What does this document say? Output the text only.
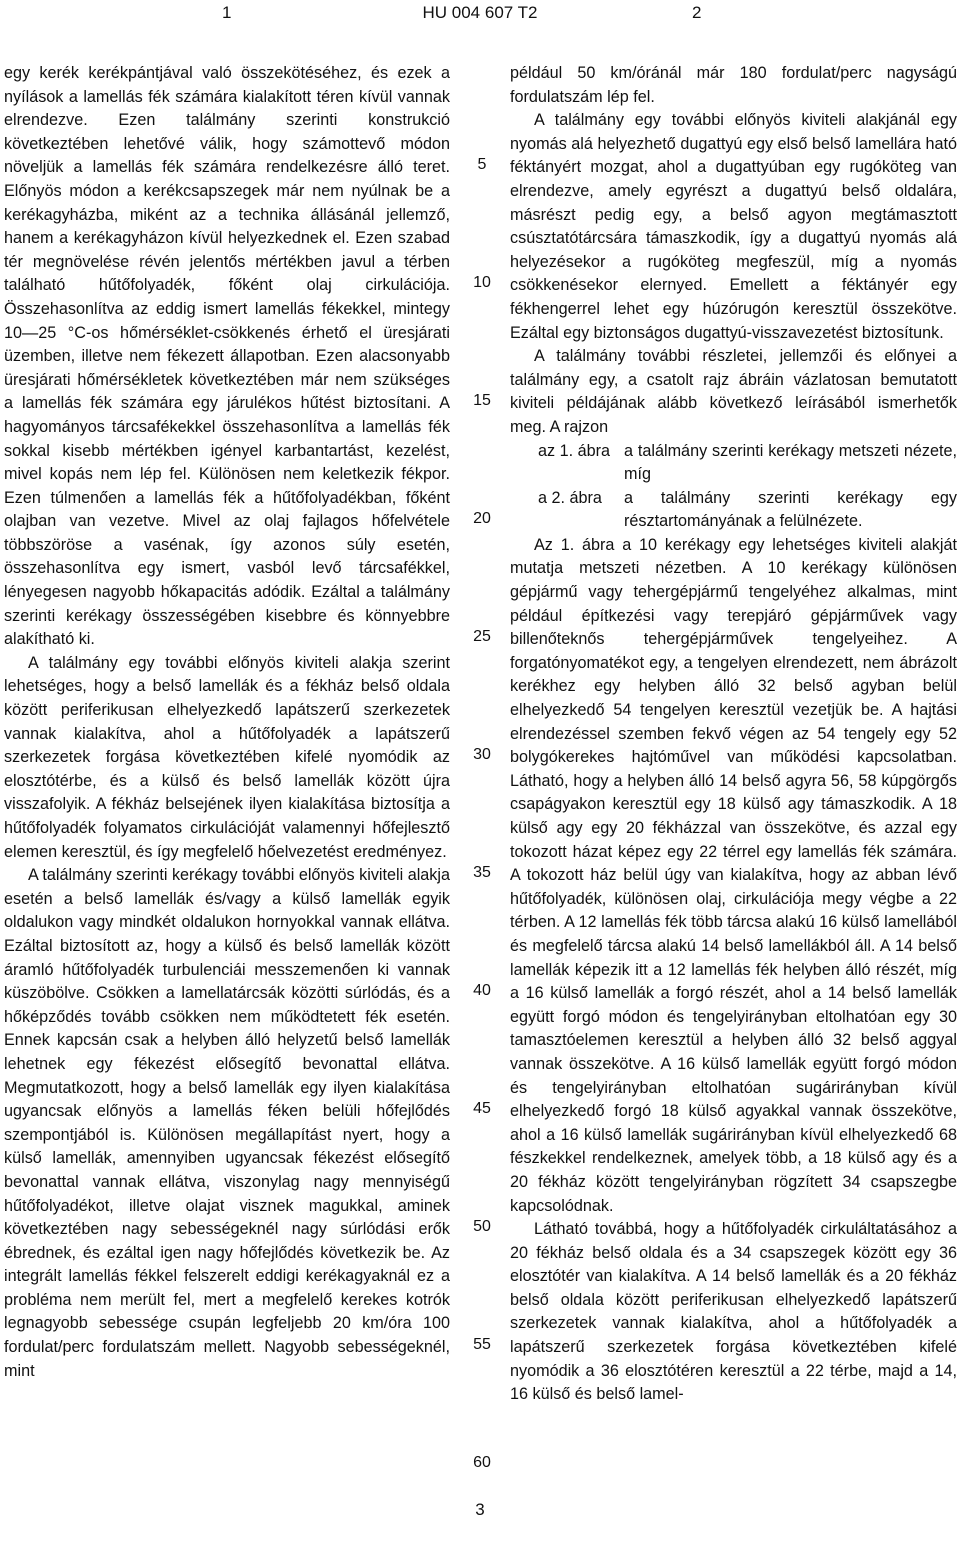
1	HU 004 607 T2	2

egy kerék kerékpántjával való összekötéséhez, és ezek a nyílások a lamellás fék számára kialakított téren kívül vannak elrendezve. Ezen találmány szerinti konstrukció következtében lehetővé válik, hogy számottevő módon növeljük a lamellás fék számára rendelkezésre álló teret. Előnyös módon a kerékcsapszegek már nem nyúlnak be a kerékagyházba, miként az a technika állásánál jellemző, hanem a kerékagyházon kívül helyezkednek el. Ezen szabad tér megnövelése révén jelentős mértékben javul a térben található hűtőfolyadék, főként olaj cirkulációja. Összehasonlítva az eddig ismert lamellás fékekkel, mintegy 10—25 °C-os hőmérséklet-csökkenés érhető el üresjárati üzemben, illetve nem fékezett állapotban. Ezen alacsonyabb üresjárati hőmérsékletek következtében már nem szükséges a lamellás fék számára egy járulékos hűtést biztosítani. A hagyományos tárcsafékekkel összehasonlítva a lamellás fék sokkal kisebb mértékben igényel karbantartást, kezelést, mivel kopás nem lép fel. Különösen nem keletkezik fékpor. Ezen túlmenően a lamellás fék a hűtőfolyadékban, főként olajban van vezetve. Mivel az olaj fajlagos hőfelvétele többszöröse a vasénak, így azonos súly esetén, összehasonlítva egy ismert, vasból levő tárcsafékkel, lényegesen nagyobb hőkapacitás adódik. Ezáltal a találmány szerinti kerékagy összességében kisebbre és könnyebbre alakítható ki.

A találmány egy további előnyös kiviteli alakja szerint lehetséges, hogy a belső lamellák és a fékház belső oldala között periferikusan elhelyezkedő lapátszerű szerkezetek vannak kialakítva, ahol a hűtőfolyadék a lapátszerű szerkezetek forgása következtében kifelé nyomódik az elosztótérbe, és a külső és belső lamellák között újra visszafolyik. A fékház belsejének ilyen kialakítása biztosítja a hűtőfolyadék folyamatos cirkulációját valamennyi hőfejlesztő elemen keresztül, és így megfelelő hőelvezetést eredményez.

A találmány szerinti kerékagy további előnyös kiviteli alakja esetén a belső lamellák és/vagy a külső lamellák egyik oldalukon vagy mindkét oldalukon hornyokkal vannak ellátva. Ezáltal biztosított az, hogy a külső és belső lamellák között áramló hűtőfolyadék turbulenciái messzemenően ki vannak küszöbölve. Csökken a lamellatárcsák közötti súrlódás, és a hőképződés tovább csökken nem működtetett fék esetén. Ennek kapcsán csak a helyben álló helyzetű belső lamellák lehetnek egy fékezést elősegítő bevonattal ellátva. Megmutatkozott, hogy a belső lamellák egy ilyen kialakítása ugyancsak előnyös a lamellás féken belüli hőfejlődés szempontjából is. Különösen megállapítást nyert, hogy a külső lamellák, amennyiben ugyancsak fékezést elősegítő bevonattal vannak ellátva, viszonylag nagy mennyiségű hűtőfolyadékot, illetve olajat visznek magukkal, aminek következtében nagy sebességeknél nagy súrlódási erők ébrednek, és ezáltal igen nagy hőfejlődés következik be. Az integrált lamellás fékkel felszerelt eddigi kerékagyaknál ez a probléma nem merült fel, mert a megfelelő kerekes kotrók legnagyobb sebessége csupán legfeljebb 20 km/óra 100 fordulat/perc fordulatszám mellett. Nagyobb sebességeknél, mint

5
10
15
20
25
30
35
40
45
50
55
60

például 50 km/óránál már 180 fordulat/perc nagyságú fordulatszám lép fel.

A találmány egy további előnyös kiviteli alakjánál egy nyomás alá helyezhető dugattyú egy első belső lamellára ható féktányért mozgat, ahol a dugattyúban egy rugóköteg van elrendezve, amely egyrészt a dugattyú belső oldalára, másrészt pedig egy, a belső agyon megtámasztott csúsztatótárcsára támaszkodik, így a dugattyú nyomás alá helyezésekor a rugóköteg megfeszül, míg a nyomás csökkenésekor elernyed. Emellett a féktányér egy fékhengerrel lehet egy húzórugón keresztül összekötve. Ezáltal egy biztonságos dugattyú-visszavezetést biztosítunk.

A találmány további részletei, jellemzői és előnyei a találmány egy, a csatolt rajz ábráin vázlatosan bemutatott kiviteli példájának alább következő leírásából ismerhetők meg. A rajzon

az 1. ábra a találmány szerinti kerékagy metszeti nézete, míg
a 2. ábra	a találmány szerinti kerékagy egy résztartományának a felülnézete.

Az 1. ábra a 10 kerékagy egy lehetséges kiviteli alakját mutatja metszeti nézetben. A 10 kerékagy különösen gépjármű vagy tehergépjármű tengelyéhez alkalmas, mint például építkezési vagy terepjáró gépjárművek vagy billenőteknős tehergépjárművek tengelyeihez. A forgatónyomatékot egy, a tengelyen elrendezett, nem ábrázolt kerékhez egy helyben álló 32 belső agyban belül elhelyezkedő 54 tengelyen keresztül vezetjük be. A hajtási elrendezéssel szemben fekvő végen az 54 tengely egy 52 bolygókerekes hajtóművel van működési kapcsolatban. Látható, hogy a helyben álló 14 belső agyra 56, 58 kúpgörgős csapágyakon keresztül egy 18 külső agy támaszkodik. A 18 külső agy egy 20 fékházzal van összekötve, és azzal egy tokozott házat képez egy 22 térrel egy lamellás fék számára. A tokozott ház belül úgy van kialakítva, hogy az abban lévő hűtőfolyadék, különösen olaj, cirkulációja megy végbe a 22 térben. A 12 lamellás fék több tárcsa alakú 16 külső lamellából és megfelelő tárcsa alakú 14 belső lamellákból áll. A 14 belső lamellák képezik itt a 12 lamellás fék helyben álló részét, míg a 16 külső lamellák a forgó részét, ahol a 14 belső lamellák együtt forgó módon és tengelyirányban eltolhatóan egy 30 tamasztóelemen keresztül a helyben álló 32 belső aggyal vannak összekötve. A 16 külső lamellák együtt forgó módon és tengelyirányban eltolhatóan sugárirányban kívül elhelyezkedő forgó 18 külső agyakkal vannak összekötve, ahol a 16 külső lamellák sugárirányban kívül elhelyezkedő 68 fészkekkel rendelkeznek, amelyek több, a 18 külső agy és a 20 fékház között tengelyirányban rögzített 34 csapszegbe kapcsolódnak.

Látható továbbá, hogy a hűtőfolyadék cirkuláltatásához a 20 fékház belső oldala és a 34 csapszegek között egy 36 elosztótér van kialakítva. A 14 belső lamellák és a 20 fékház belső oldala között periferikusan elhelyezkedő lapátszerű szerkezetek vannak kialakítva, ahol a hűtőfolyadék a lapátszerű szerkezetek forgása következtében kifelé nyomódik a 36 elosztótéren keresztül a 22 térbe, majd a 14, 16 külső és belső lamel-

3
